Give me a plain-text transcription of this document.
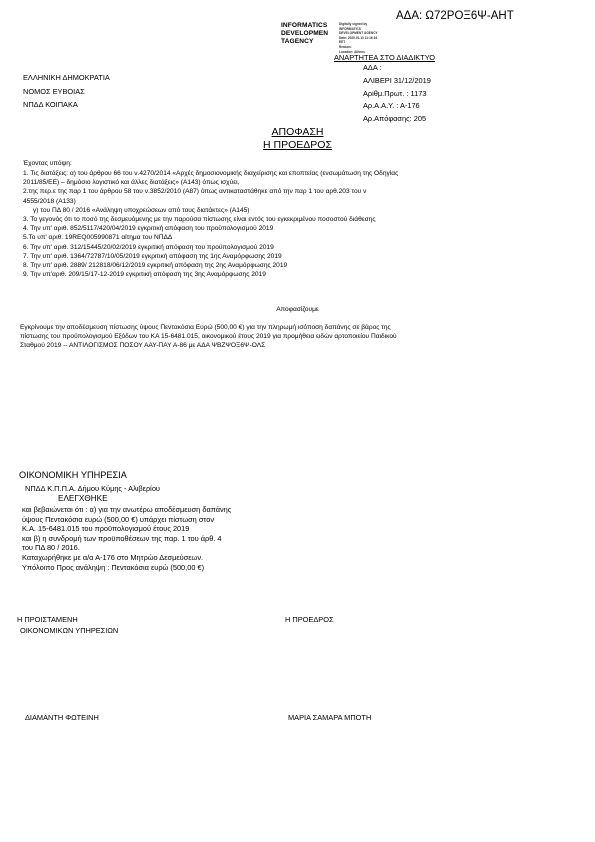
ΑΔΑ: Ω72ΡΟΞ6Ψ-ΑΗΤ
INFORMATICS
DEVELOPMEN
TAGENCY
Digitally signed by
INFORMATICS
DEVELOPMENT AGENCY
Date: 2020.01.13 11:16:16
EET
Reason:
Location: Athens
ΑΝΑΡΤΗΤΕΑ ΣΤΟ ΔΙΑΔΙΚΤΥΟ
ΕΛΛΗΝΙΚΗ ΔΗΜΟΚΡΑΤΙΑ
ΝΟΜΟΣ ΕΥΒΟΙΑΣ
ΝΠΔΔ ΚΟΙΠΑΚΑ
ΑΔΑ :
ΑΛΙΒΕΡΙ 31/12/2019
Αριθμ.Πρωτ. : 1173
Αρ.Α.Α.Υ. : Α-176
Αρ.Απόφασης: 205
ΑΠΟΦΑΣΗ
Η ΠΡΟΕΔΡΟΣ
Έχοντας υπόψη:
1. Τις διατάξεις: α) του άρθρου 66 του ν.4270/2014 «Αρχές δημοσιονομικής διαχείρισης και εποπτείας (ενσωμάτωση της Οδηγίας
2011/85/ΕΕ) – δημόσιο λογιστικό και άλλες διατάξεις» (Α143) όπως ισχύει,
2.της περ.ε της παρ 1 του άρθρου 58 του ν.3852/2010 (Α87) όπως αντικαταστάθηκε από την παρ 1 του αρθ.203 του ν
4555/2018 (Α133)
γ) του ΠΔ 80 / 2016 «Ανάληψη υποχρεώσεων από τους διατάκτες» (Α145)
3. Το γεγονός ότι το ποσό της δεσμευόμενης με την παρούσα πίστωσης είναι εντός του εγκεκριμένου ποσοστού διάθεσης
4. Την υπ' αριθ. 852/5117/420/04/2019 εγκριτική απόφαση του προϋπολογισμού 2019
5.Το υπ' αριθ. 19REQ005990871 αίτημα του ΝΠΔΔ
6. Την υπ' αριθ. 312/15445/20/02/2019 εγκριτική απόφαση του προϋπολογισμού 2019
7. Την υπ' αριθ. 1364/72787/10/05/2019 εγκριτική απόφαση της 1ης Αναμόρφωσης 2019
8. Την υπ' αριθ. 2889/ 212818/06/12/2019 εγκριτική απόφαση της 2ης Αναμόρφωσης 2019
9. Την υπ'αριθ. 209/15/17-12-2019 εγκριτική απόφαση της 3ης Αναμόρφωσης 2019
Αποφασίζουμε
Εγκρίνουμε την αποδέσμευση πίστωσης ύψους Πεντακόσια Ευρώ (500,00 €) για την πληρωμή ισόποση δαπάνης σε βάρος της
πίστωσης του προϋπολογισμού Εξόδων του ΚΑ 15-6481.015, οικονομικού έτους 2019 για προμήθεια ειδών αρτοποιείου Παιδικού
Σταθμού 2019 -- ΑΝΤΙΛΟΓΙΣΜΟΣ ΠΟΣΟΥ ΑΑΥ-ΠΑΥ Α-86 με ΑΔΑ ΨΒΖΨΟΞ6Ψ-ΟΛΣ
ΟΙΚΟΝΟΜΙΚΗ ΥΠΗΡΕΣΙΑ
ΝΠΔΔ Κ.Π.Π.Α. Δήμου Κύμης - Αλιβερίου
ΕΛΕΓΧΘΗΚΕ
και βεβαιώνεται ότι : α) για την ανωτέρω αποδέσμευση δαπάνης
ύψους Πεντακόσια ευρώ (500,00 €) υπάρχει πίστωση στον
Κ.Α. 15-6481.015 του προϋπολογισμού έτους 2019
και β) η συνδρομή των προϋποθέσεων της παρ. 1 του άρθ. 4
του ΠΔ 80 / 2016.
Καταχωρήθηκε με α/α Α-176 στο Μητρώο Δεσμεύσεων.
Υπόλοιπο Προς ανάληψη : Πεντακόσια ευρώ (500,00 €)
Η ΠΡΟΙΣΤΑΜΕΝΗ
ΟΙΚΟΝΟΜΙΚΩΝ ΥΠΗΡΕΣΙΩΝ
Η ΠΡΟΕΔΡΟΣ
ΔΙΑΜΑΝΤΗ ΦΩΤΕΙΝΗ	ΜΑΡΙΑ ΣΑΜΑΡΑ ΜΠΟΤΗ
